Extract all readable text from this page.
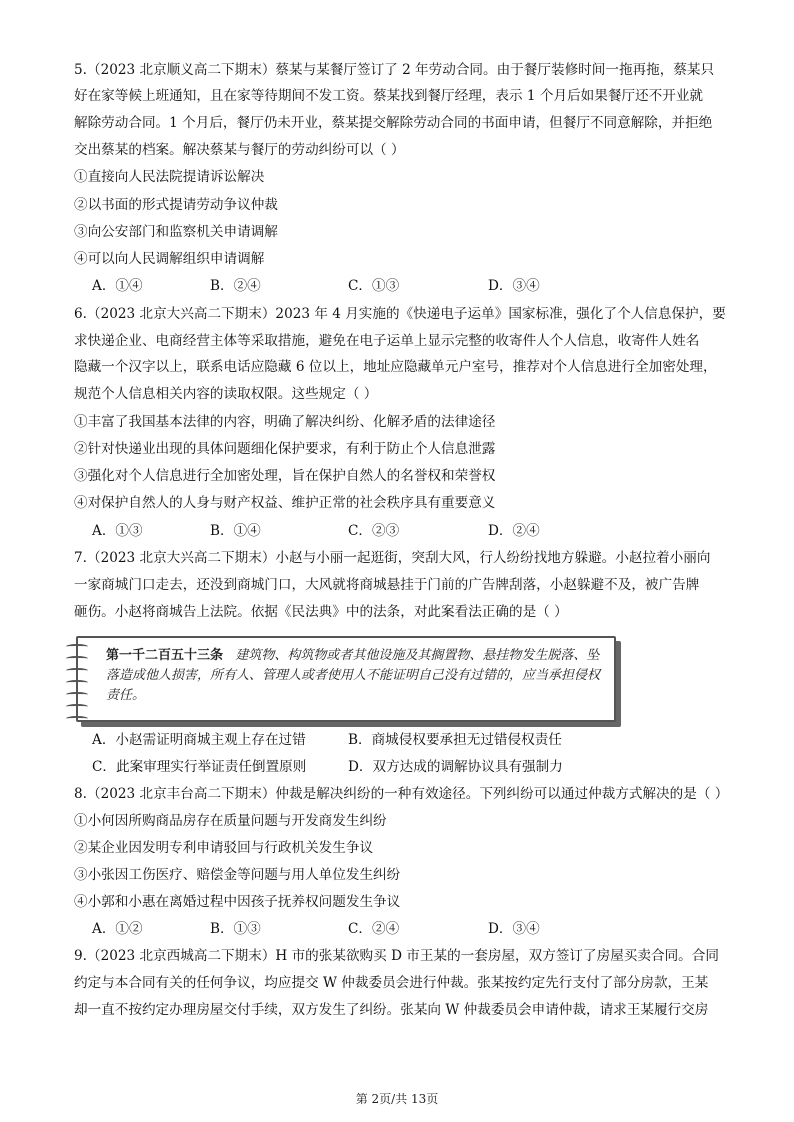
5.（2023 北京顺义高二下期末）蔡某与某餐厅签订了 2 年劳动合同。由于餐厅装修时间一拖再拖，蔡某只
好在家等候上班通知，且在家等待期间不发工资。蔡某找到餐厅经理，表示 1 个月后如果餐厅还不开业就
解除劳动合同。1 个月后，餐厅仍未开业，蔡某提交解除劳动合同的书面申请，但餐厅不同意解除，并拒绝
交出蔡某的档案。解决蔡某与餐厅的劳动纠纷可以（ ）
①直接向人民法院提请诉讼解决
②以书面的形式提请劳动争议仲裁
③向公安部门和监察机关申请调解
④可以向人民调解组织申请调解
A．①④	B．②④	C．①③	D．③④
6.（2023 北京大兴高二下期末）2023 年 4 月实施的《快递电子运单》国家标准，强化了个人信息保护，要
求快递企业、电商经营主体等采取措施，避免在电子运单上显示完整的收寄件人个人信息，收寄件人姓名
隐藏一个汉字以上，联系电话应隐藏 6 位以上，地址应隐藏单元户室号，推荐对个人信息进行全加密处理，
规范个人信息相关内容的读取权限。这些规定（ ）
①丰富了我国基本法律的内容，明确了解决纠纷、化解矛盾的法律途径
②针对快递业出现的具体问题细化保护要求，有利于防止个人信息泄露
③强化对个人信息进行全加密处理，旨在保护自然人的名誉权和荣誉权
④对保护自然人的人身与财产权益、维护正常的社会秩序具有重要意义
A．①③	B．①④	C．②③	D．②④
7.（2023 北京大兴高二下期末）小赵与小丽一起逛街，突刮大风，行人纷纷找地方躲避。小赵拉着小丽向
一家商城门口走去，还没到商城门口，大风就将商城悬挂于门前的广告牌刮落，小赵躲避不及，被广告牌
砸伤。小赵将商城告上法院。依据《民法典》中的法条，对此案看法正确的是（ ）
第一千二百五十三条 建筑物、构筑物或者其他设施及其搁置物、悬挂物发生脱落、坠落造成他人损害，所有人、管理人或者使用人不能证明自己没有过错的，应当承担侵权责任。
A．小赵需证明商城主观上存在过错	B．商城侵权要承担无过错侵权责任
C．此案审理实行举证责任倒置原则	D．双方达成的调解协议具有强制力
8.（2023 北京丰台高二下期末）仲裁是解决纠纷的一种有效途径。下列纠纷可以通过仲裁方式解决的是（ ）
①小何因所购商品房存在质量问题与开发商发生纠纷
②某企业因发明专利申请驳回与行政机关发生争议
③小张因工伤医疗、赔偿金等问题与用人单位发生纠纷
④小郭和小惠在离婚过程中因孩子抚养权问题发生争议
A．①②	B．①③	C．②④	D．③④
9.（2023 北京西城高二下期末）H 市的张某欲购买 D 市王某的一套房屋，双方签订了房屋买卖合同。合同
约定与本合同有关的任何争议，均应提交 W 仲裁委员会进行仲裁。张某按约定先行支付了部分房款，王某
却一直不按约定办理房屋交付手续，双方发生了纠纷。张某向 W 仲裁委员会申请仲裁，请求王某履行交房
第 2页/共 13页
